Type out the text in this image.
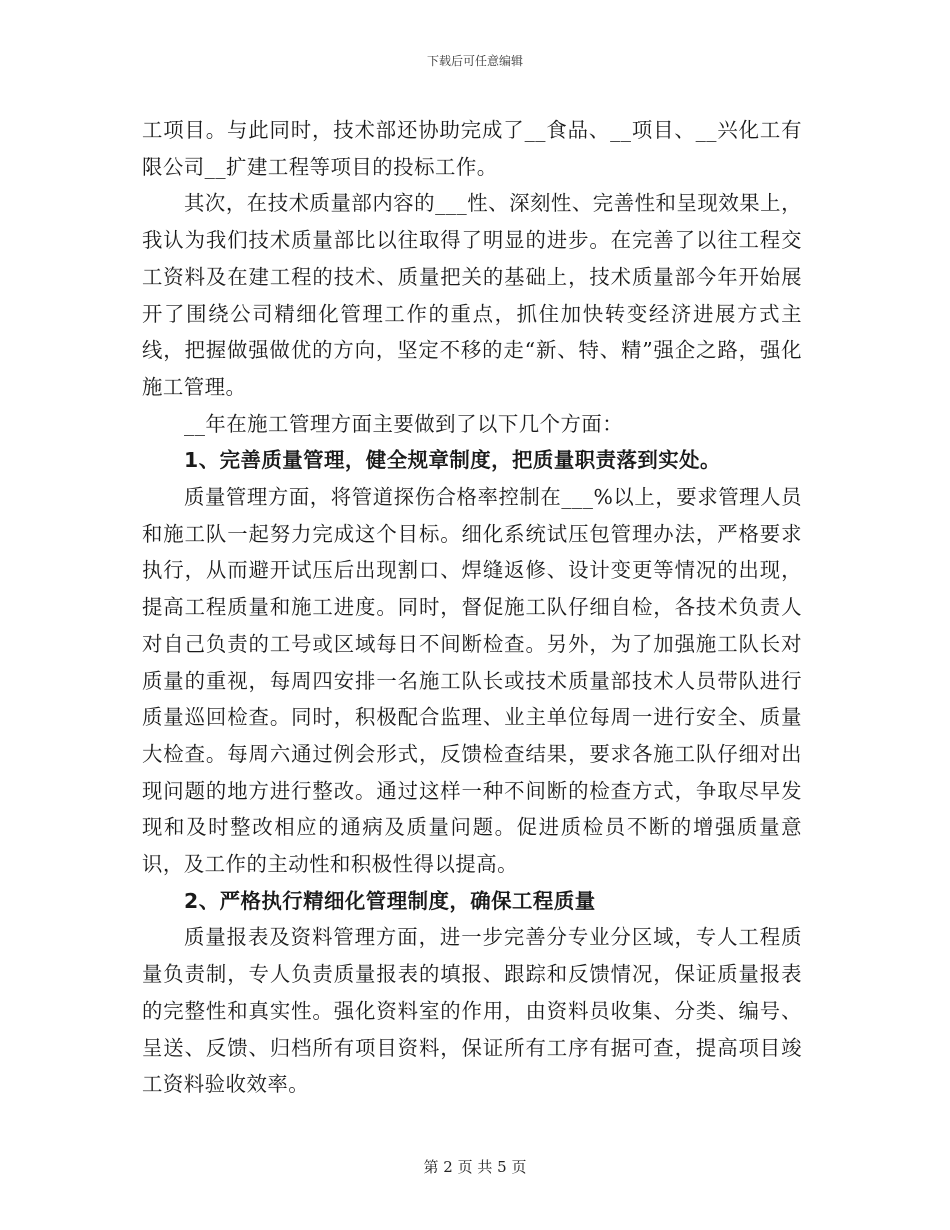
下载后可任意编辑

工项目。与此同时，技术部还协助完成了__食品、__项目、__兴化工有限公司__扩建工程等项目的投标工作。

其次，在技术质量部内容的___性、深刻性、完善性和呈现效果上，我认为我们技术质量部比以往取得了明显的进步。在完善了以往工程交工资料及在建工程的技术、质量把关的基础上，技术质量部今年开始展开了围绕公司精细化管理工作的重点，抓住加快转变经济进展方式主线，把握做强做优的方向，坚定不移的走“新、特、精”强企之路，强化施工管理。

__年在施工管理方面主要做到了以下几个方面：

1、完善质量管理，健全规章制度，把质量职责落到实处。

质量管理方面，将管道探伤合格率控制在___%以上，要求管理人员和施工队一起努力完成这个目标。细化系统试压包管理办法，严格要求执行，从而避开试压后出现割口、焊缝返修、设计变更等情况的出现，提高工程质量和施工进度。同时，督促施工队仔细自检，各技术负责人对自己负责的工号或区域每日不间断检查。另外，为了加强施工队长对质量的重视，每周四安排一名施工队长或技术质量部技术人员带队进行质量巡回检查。同时，积极配合监理、业主单位每周一进行安全、质量大检查。每周六通过例会形式，反馈检查结果，要求各施工队仔细对出现问题的地方进行整改。通过这样一种不间断的检查方式，争取尽早发现和及时整改相应的通病及质量问题。促进质检员不断的增强质量意识，及工作的主动性和积极性得以提高。

2、严格执行精细化管理制度，确保工程质量

质量报表及资料管理方面，进一步完善分专业分区域，专人工程质量负责制，专人负责质量报表的填报、跟踪和反馈情况，保证质量报表的完整性和真实性。强化资料室的作用，由资料员收集、分类、编号、呈送、反馈、归档所有项目资料，保证所有工序有据可查，提高项目竣工资料验收效率。

第 2 页 共 5 页
